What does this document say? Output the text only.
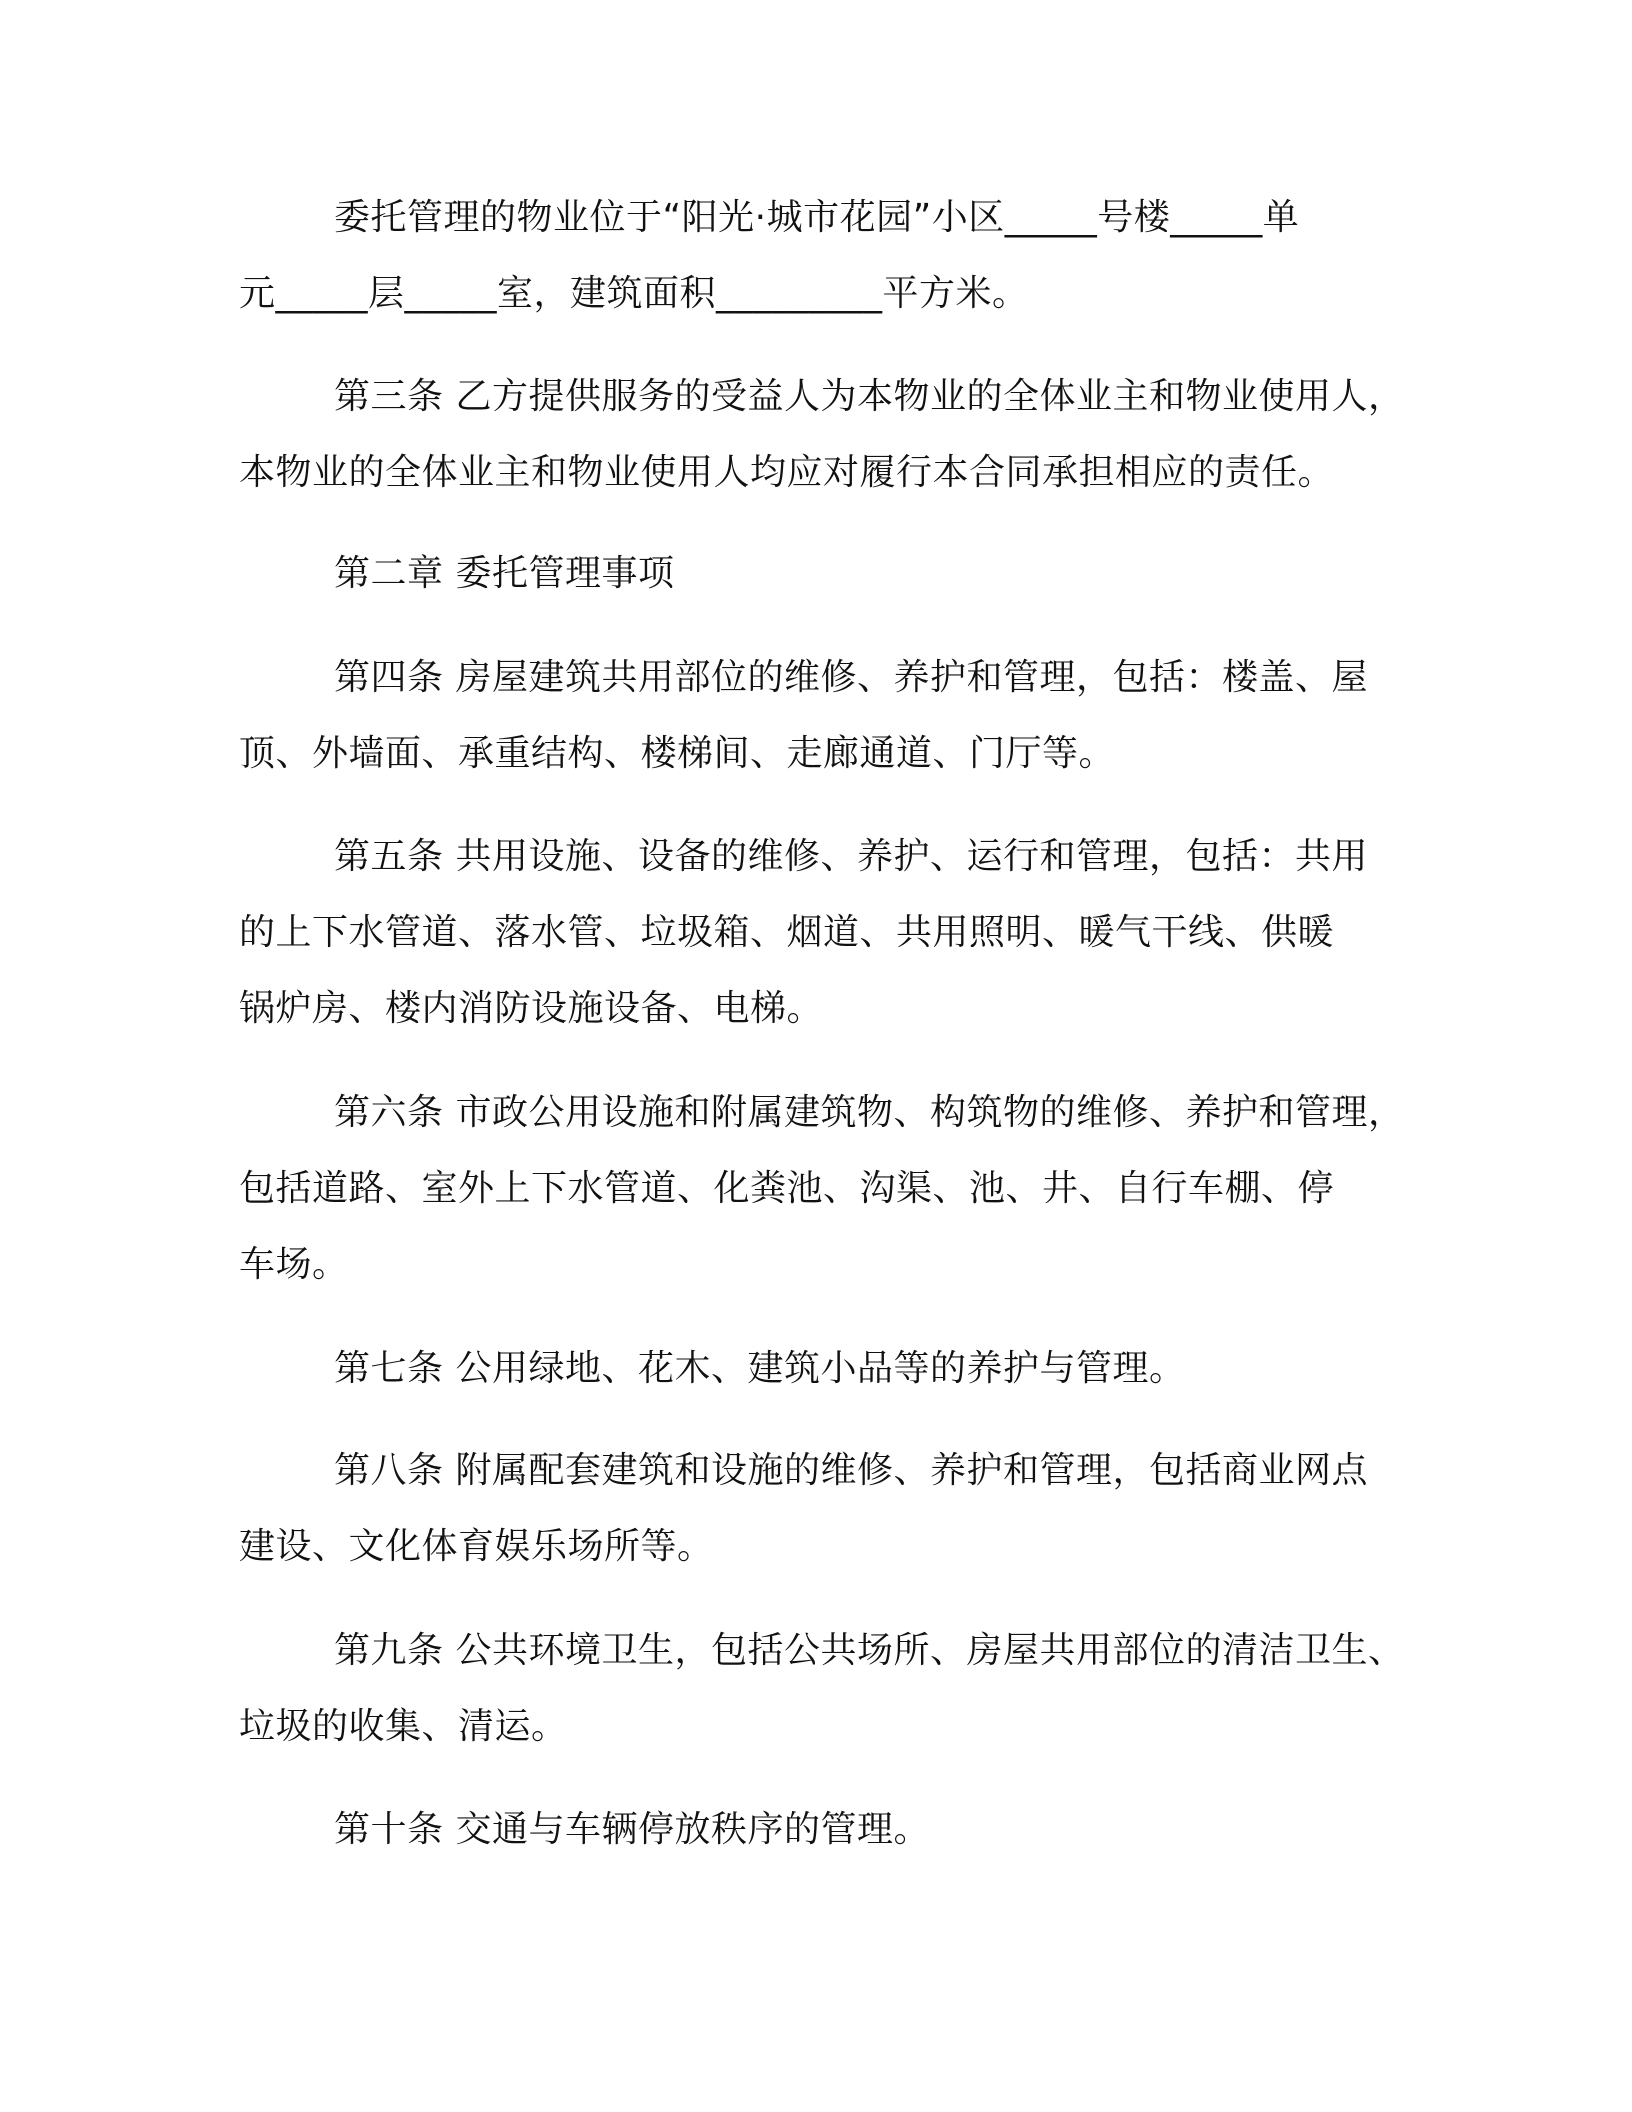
委托管理的物业位于“阳光·城市花园”小区_____号楼_____单
元_____层_____室，建筑面积_________平方米。
第三条 乙方提供服务的受益人为本物业的全体业主和物业使用人，
本物业的全体业主和物业使用人均应对履行本合同承担相应的责任。
第二章 委托管理事项
第四条 房屋建筑共用部位的维修、养护和管理，包括：楼盖、屋
顶、外墙面、承重结构、楼梯间、走廊通道、门厅等。
第五条 共用设施、设备的维修、养护、运行和管理，包括：共用
的上下水管道、落水管、垃圾箱、烟道、共用照明、暖气干线、供暖
锅炉房、楼内消防设施设备、电梯。
第六条 市政公用设施和附属建筑物、构筑物的维修、养护和管理，
包括道路、室外上下水管道、化粪池、沟渠、池、井、自行车棚、停
车场。
第七条 公用绿地、花木、建筑小品等的养护与管理。
第八条 附属配套建筑和设施的维修、养护和管理，包括商业网点
建设、文化体育娱乐场所等。
第九条 公共环境卫生，包括公共场所、房屋共用部位的清洁卫生、
垃圾的收集、清运。
第十条 交通与车辆停放秩序的管理。
